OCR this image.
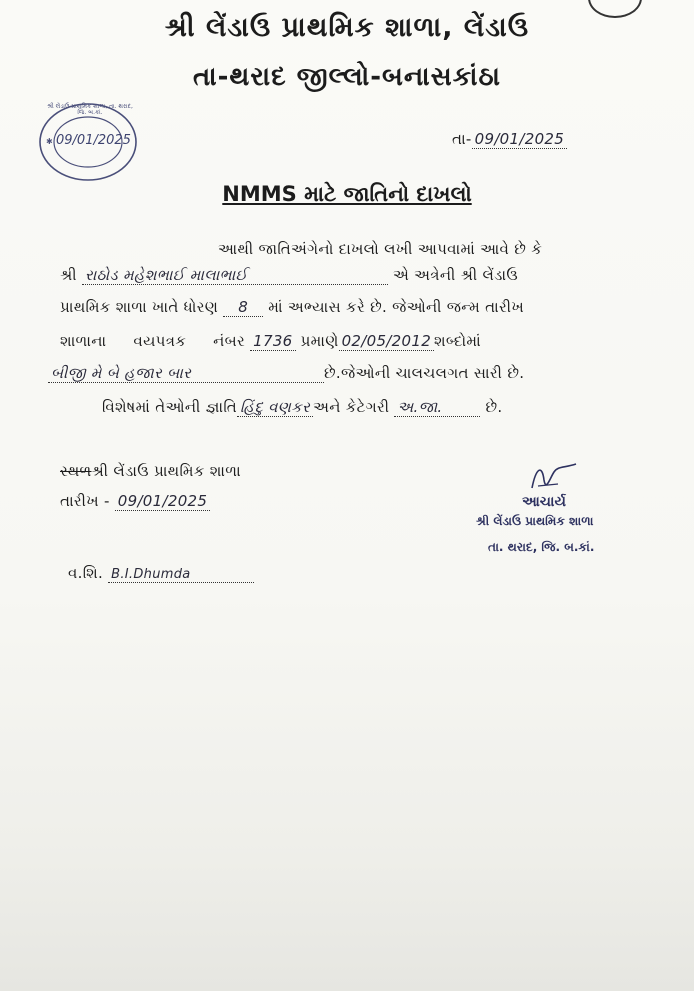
શ્રી લેંડાઉ પ્રાથમિક શાળા, લેંડાઉ
તા-થરાદ જીલ્લો-બનાસકાંઠા
✱
શ્રી લેંડાઉ પ્રાથમિક શાળા, તા. થરાદ, જિ. બ.કાં.
09/01/2025	તા- 09/01/2025
NMMS માટે જાતિનો દાખલો
આથી જાતિઅંગેનો દાખલો લખી આપવામાં આવે છે કે
શ્રી રાઠોડ મહેશભાઈ માલાભાઈ	એ અત્રેની શ્રી લેંડાઉ
પ્રાથમિક શાળા ખાતે ધોરણ 8 માં અભ્યાસ કરે છે. જેઓની જન્મ તારીખ
શાળાના વયપત્રક નંબર 1736 પ્રમાણે 02/05/2012 શબ્દોમાં
બીજી મે બે હજાર બાર	છે.જેઓની ચાલચલગત સારી છે.
વિશેષમાં તેઓની જ્ઞાતિ હિંદુ વણકર અને કેટેગરી અ.જા.	છે.
સ્થળશ્રી લેંડાઉ પ્રાથમિક શાળા
તારીખ - 09/01/2025
વ.શિ. B.I.Dhumda
આચાર્ય
શ્રી લેંડાઉ પ્રાથમિક શાળા
તા. થરાદ, જિ. બ.કાં.
